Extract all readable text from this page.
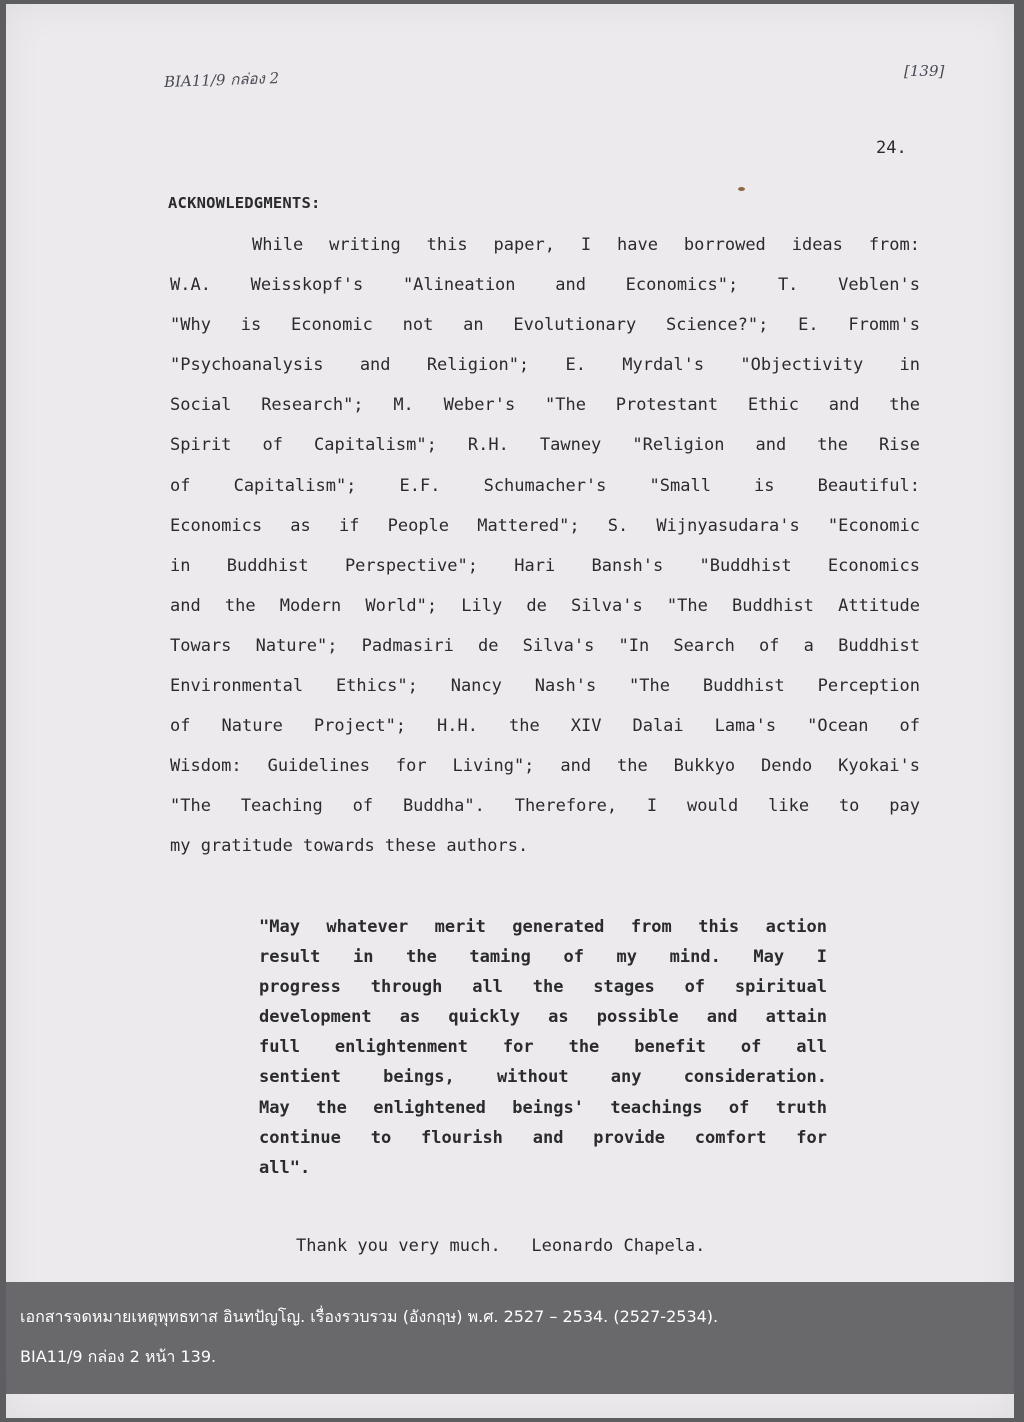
BIA11/9 กล่อง 2	[139]
24.
ACKNOWLEDGMENTS:
While writing this paper, I have borrowed ideas from:
W.A. Weisskopf's "Alineation and Economics"; T. Veblen's
"Why is Economic not an Evolutionary Science?"; E. Fromm's
"Psychoanalysis and Religion"; E. Myrdal's "Objectivity in
Social Research"; M. Weber's "The Protestant Ethic and the
Spirit of Capitalism"; R.H. Tawney "Religion and the Rise
of Capitalism"; E.F. Schumacher's "Small is Beautiful:
Economics as if People Mattered"; S. Wijnyasudara's "Economic
in Buddhist Perspective"; Hari Bansh's "Buddhist Economics
and the Modern World"; Lily de Silva's "The Buddhist Attitude
Towars Nature"; Padmasiri de Silva's "In Search of a Buddhist
Environmental Ethics"; Nancy Nash's "The Buddhist Perception
of Nature Project"; H.H. the XIV Dalai Lama's "Ocean of
Wisdom: Guidelines for Living"; and the Bukkyo Dendo Kyokai's
"The Teaching of Buddha". Therefore, I would like to pay
my gratitude towards these authors.
"May whatever merit generated from this action
result in the taming of my mind. May I
progress through all the stages of spiritual
development as quickly as possible and attain
full enlightenment for the benefit of all
sentient beings, without any consideration.
May the enlightened beings' teachings of truth
continue to flourish and provide comfort for
all".
Thank you very much.   Leonardo Chapela.
เอกสารจดหมายเหตุพุทธทาส อินทปัญโญ. เรื่องรวบรวม (อังกฤษ) พ.ศ. 2527 – 2534. (2527-2534).
BIA11/9 กล่อง 2 หน้า 139.
